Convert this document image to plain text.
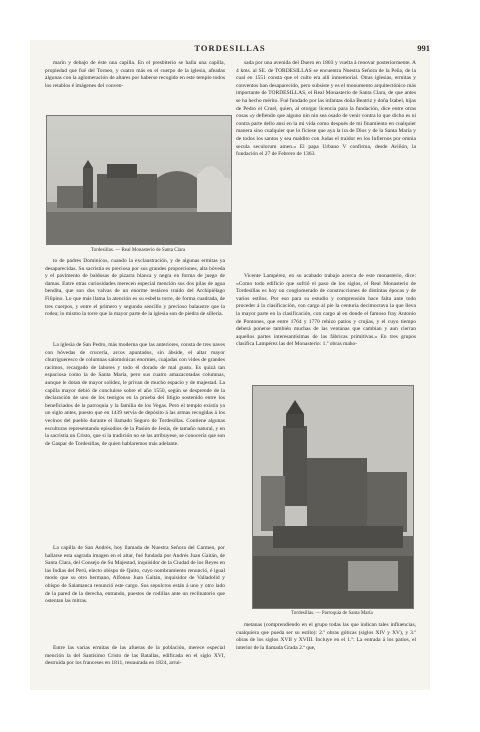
TORDESILLAS	991

marín y debajo de éste una capilla. En el presbiterio se halla una capilla, propiedad que fué del Torneo, y cuatro más en el cuerpo de la iglesia, afeadas algunas con la aglomeración de altares por haberse recogido en este templo todos los retablos é imágenes del conven-

sada por una avenida del Duero en 1803 y vuelta á renovar posteriormente. A 4 kms. al SE. de TORDESILLAS se encuentra Nuestra Señora de la Peña, de la cual en 1551 consta que el culto era allí inmemorial. Otras iglesias, ermitas y conventos han desaparecido, pero subsiste y es el monumento arquitectónico más importante de TORDESILLAS, el Real Monasterio de Santa Clara, de que antes se ha hecho mérito. Fué fundado por las infantas doña Beatriz y doña Isabel, hijas de Pedro el Cruel, quien, al otorgar licencia para la fundación, dice entre otras cosas «y defiendo que alguno nin nin sea osado de venir contra lo que dicho es ni contra parte dello ansí en la mi vida como después de mi finamiento en cualquier manera sino cualquier que lo ficiese que aya la ira de Dios y de la Santa María y de todos los santos y sea maldito con Judas el traidor en los Infiernos por omnia secula seculorum amen.» El papa Urbano V confirma, desde Aviñón, la fundación el 27 de Febrero de 1363.

Tordesillas. — Real Monasterio de Santa Clara

to de padres Dominicos, cuando la exclaustración, y de algunas ermitas ya desaparecidas. Su sacristía es preciosa por sus grandes proporciones, alta bóveda y el pavimento de baldosas de pizarra blanca y negra en forma de juego de damas. Entre otras curiosidades merecen especial mención sus dos pilas de agua bendita, que son dos valvas de un enorme testáceo traído del Archipiélago Filipino. Lo que más llama la atención es su esbelta torre, de forma cuadrada, de tres cuerpos, y entre el primero y segundo sencillo y precioso balaustre que la rodea; lo mismo la torre que la mayor parte de la iglesia son de piedra de sillería.

La iglesia de San Pedro, más moderna que las anteriores, consta de tres naves con bóvedas de crucería, arcos apuntados, sin ábside, el altar mayor churrigueresco de columnas salomónicas enormes, cuajadas con vides de grandes racimos, recargado de labores y todo él dorado de mal gusto. Es quizá tan espaciosa como la de Santa María, pero sus cuatro amazacotadas columnas, aunque le dotan de mayor solidez, le privan de mucho espacio y de majestad. La capilla mayor debió de concluirse sobre el año 1550, según se desprende de la declaración de uno de los testigos en la prueba del litigio sostenido entre los beneficiados de la parroquia y la familia de los Vegas. Pero el templo existía ya un siglo antes, puesto que en 1439 servía de depósito á las armas recogidas á los vecinos del pueblo durante el llamado Seguro de Tordesillas. Contiene algunas esculturas representando episodios de la Pasión de Jesús, de tamaño natural, y en la sacristía un Cristo, que si la tradición no se las atribuyese, se conocería que son de Gaspar de Tordesillas, de quien hablaremos más adelante.

La capilla de San Andrés, hoy llamada de Nuestra Señora del Carmen, por hallarse esta sagrada imagen en el altar, fué fundada por Andrés Juan Gaitán, de Santa Clara, del Consejo de Su Majestad, inquisidor de la Ciudad de los Reyes en las Indias del Perú, electo obispo de Quito, cuyo nombramiento renunció, é igual modo que su otro hermano, Alfonso Juan Gaitán, inquisidor de Valladolid y obispo de Salamanca renunció este cargo. Sus sepulcros están á uno y otro lado de la pared de la derecha, entrando, puestos de rodillas ante un reclinatorio que ostentan las mitras.

Entre las varias ermitas de las afueras de la población, merece especial mención la del Santísimo Cristo de las Batallas, edificada en el siglo XVI, destruída por los franceses en 1811, restaurada en 1824, arrui-

Vicente Lampérez, en su acabado trabajo acerca de este monasterio, dice: «Como todo edificio que sufrió el paso de los siglos, el Real Monasterio de Tordesillas es hoy un conglomerado de construcciones de distintas épocas y de varios estilos. Por eso para su estudio y comprensión hace falta ante todo proceder á la clasificación, con cargo al pie la centuria decimoctava la que lleva la mayor parte en la clasificación, con cargo al en donde el famoso fray Antonio de Pontones, que entre 1764 y 1770 rehizo patios y crujías, y el cuyo tiempo deberá ponerse también muchas de las ventanas que cambian y aun cierran aquellos partes interesantísimas de las fábricas primitivas.» En tres grupos clasifica Lampérez las del Monasterio: 1.º obras maho-

Tordesillas. — Parroquia de Santa María

metanas (comprendiendo en el grupo todas las que indican tales influencias, cualquiera que pueda ser su estilo): 2.º obras góticas (siglos XIV y XV), y 3.º obras de los siglos XVII y XVIII. Incluye en el 1.º: La entrada á los patios, el interior de la llamada Grada 2.ª que,
